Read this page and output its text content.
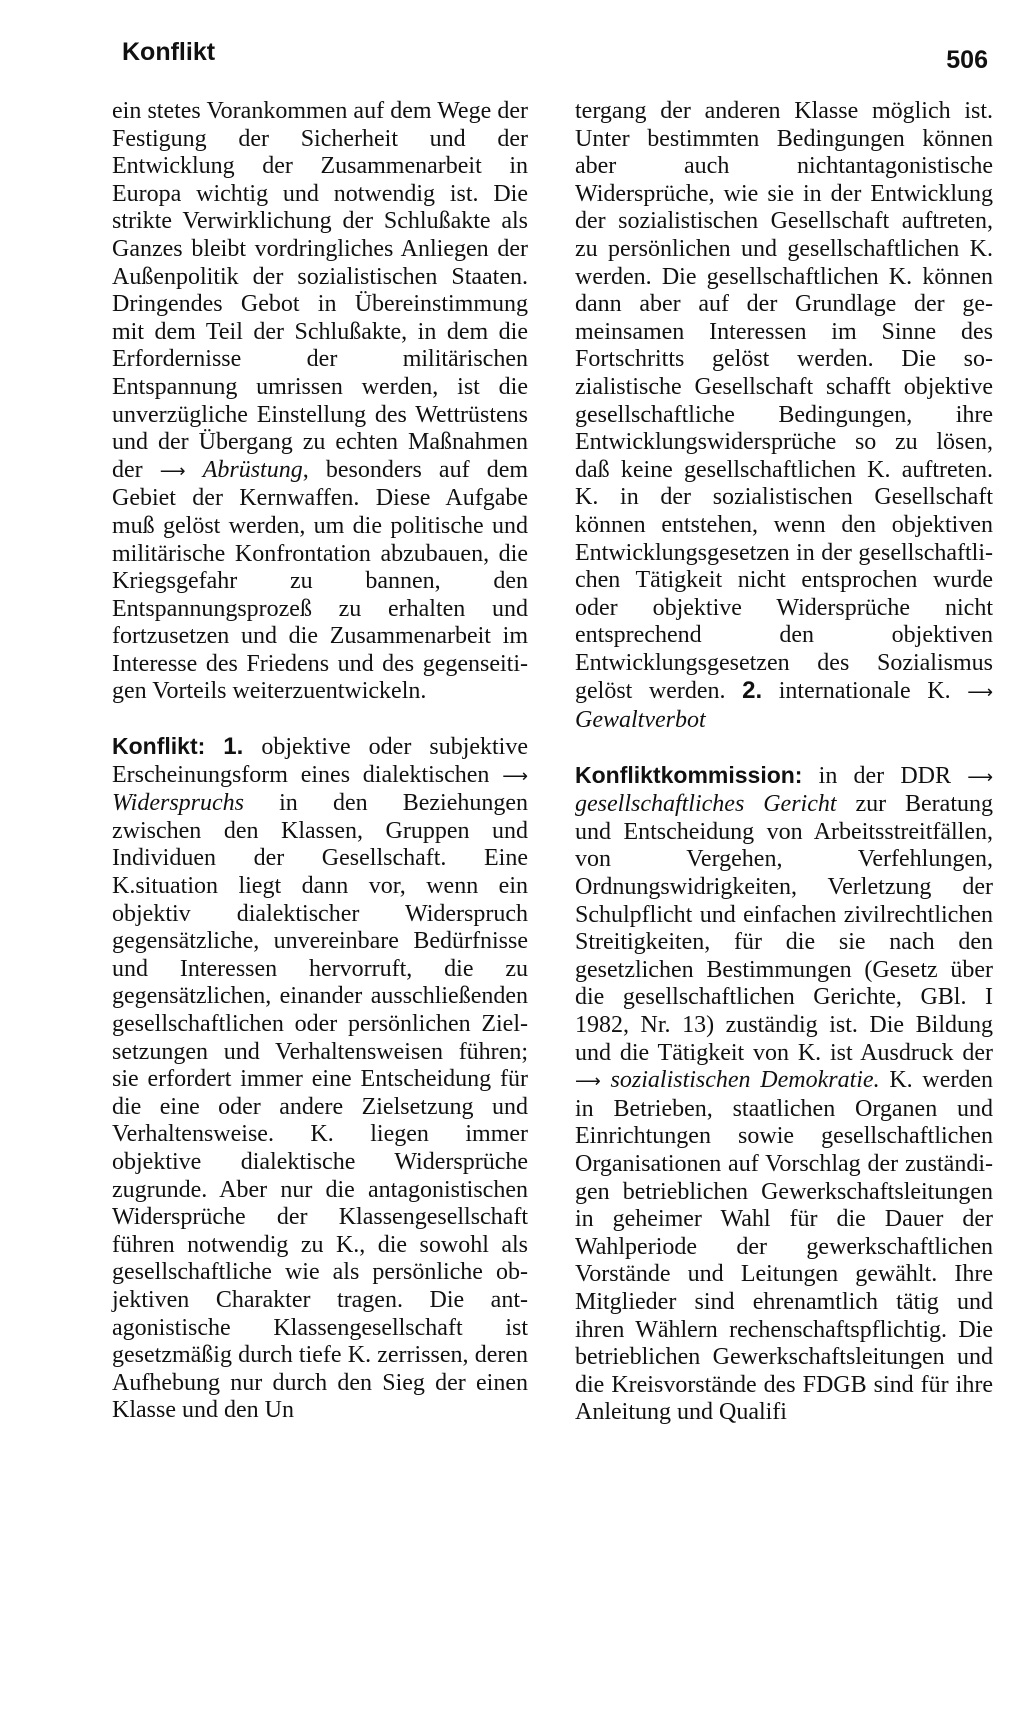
Konflikt	506

ein stetes Vorankommen auf dem Wege der Festigung der Sicherheit und der Entwicklung der Zusammenarbeit in Europa wichtig und notwendig ist. Die strikte Verwirklichung der Schlußakte als Ganzes bleibt vordringliches Anliegen der Außenpolitik der sozialistischen Staaten. Dringendes Gebot in Übereinstimmung mit dem Teil der Schlußakte, in dem die Erfordernisse der militärischen Entspannung umrissen werden, ist die unverzügliche Einstellung des Wettrüstens und der Übergang zu echten Maßnahmen der ⟶ Abrüstung, besonders auf dem Gebiet der Kernwaffen. Diese Aufgabe muß gelöst werden, um die politische und militärische Konfrontation abzubauen, die Kriegsgefahr zu bannen, den Entspannungsprozeß zu erhalten und fortzusetzen und die Zusammenarbeit im Interesse des Friedens und des gegenseitigen Vorteils weiterzuentwickeln.

Konflikt: 1. objektive oder subjektive Erscheinungsform eines dialektischen ⟶ Widerspruchs in den Beziehungen zwischen den Klassen, Gruppen und Individuen der Gesellschaft. Eine K.situation liegt dann vor, wenn ein objektiv dialektischer Widerspruch gegensätzliche, unvereinbare Bedürfnisse und Interessen hervorruft, die zu gegensätzlichen, einander ausschließenden gesellschaftlichen oder persönlichen Zielsetzungen und Verhaltensweisen führen; sie erfordert immer eine Entscheidung für die eine oder andere Zielsetzung und Verhaltensweise. K. liegen immer objektive dialektische Widersprüche zugrunde. Aber nur die antagonistischen Widersprüche der Klassengesellschaft führen notwendig zu K., die sowohl als gesellschaftliche wie als persönliche objektiven Charakter tragen. Die antagonistische Klassengesellschaft ist gesetzmäßig durch tiefe K. zerrissen, deren Aufhebung nur durch den Sieg der einen Klasse und den Un

tergang der anderen Klasse möglich ist. Unter bestimmten Bedingungen können aber auch nichtantagonistische Widersprüche, wie sie in der Entwicklung der sozialistischen Gesellschaft auftreten, zu persönlichen und gesellschaftlichen K. werden. Die gesellschaftlichen K. können dann aber auf der Grundlage der gemeinsamen Interessen im Sinne des Fortschritts gelöst werden. Die sozialistische Gesellschaft schafft objektive gesellschaftliche Bedingungen, ihre Entwicklungswidersprüche so zu lösen, daß keine gesellschaftlichen K. auftreten. K. in der sozialistischen Gesellschaft können entstehen, wenn den objektiven Entwicklungsgesetzen in der gesellschaftlichen Tätigkeit nicht entsprochen wurde oder objektive Widersprüche nicht entsprechend den objektiven Entwicklungsgesetzen des Sozialismus gelöst werden. 2. internationale K. ⟶ Gewaltverbot

Konfliktkommission: in der DDR ⟶ gesellschaftliches Gericht zur Beratung und Entscheidung von Arbeitsstreitfällen, von Vergehen, Verfehlungen, Ordnungswidrigkeiten, Verletzung der Schulpflicht und einfachen zivilrechtlichen Streitigkeiten, für die sie nach den gesetzlichen Bestimmungen (Gesetz über die gesellschaftlichen Gerichte, GBl. I 1982, Nr. 13) zuständig ist. Die Bildung und die Tätigkeit von K. ist Ausdruck der ⟶ sozialistischen Demokratie. K. werden in Betrieben, staatlichen Organen und Einrichtungen sowie gesellschaftlichen Organisationen auf Vorschlag der zuständigen betrieblichen Gewerkschaftsleitungen in geheimer Wahl für die Dauer der Wahlperiode der gewerkschaftlichen Vorstände und Leitungen gewählt. Ihre Mitglieder sind ehrenamtlich tätig und ihren Wählern rechenschaftspflichtig. Die betrieblichen Gewerkschaftsleitungen und die Kreisvorstände des FDGB sind für ihre Anleitung und Qualifi
